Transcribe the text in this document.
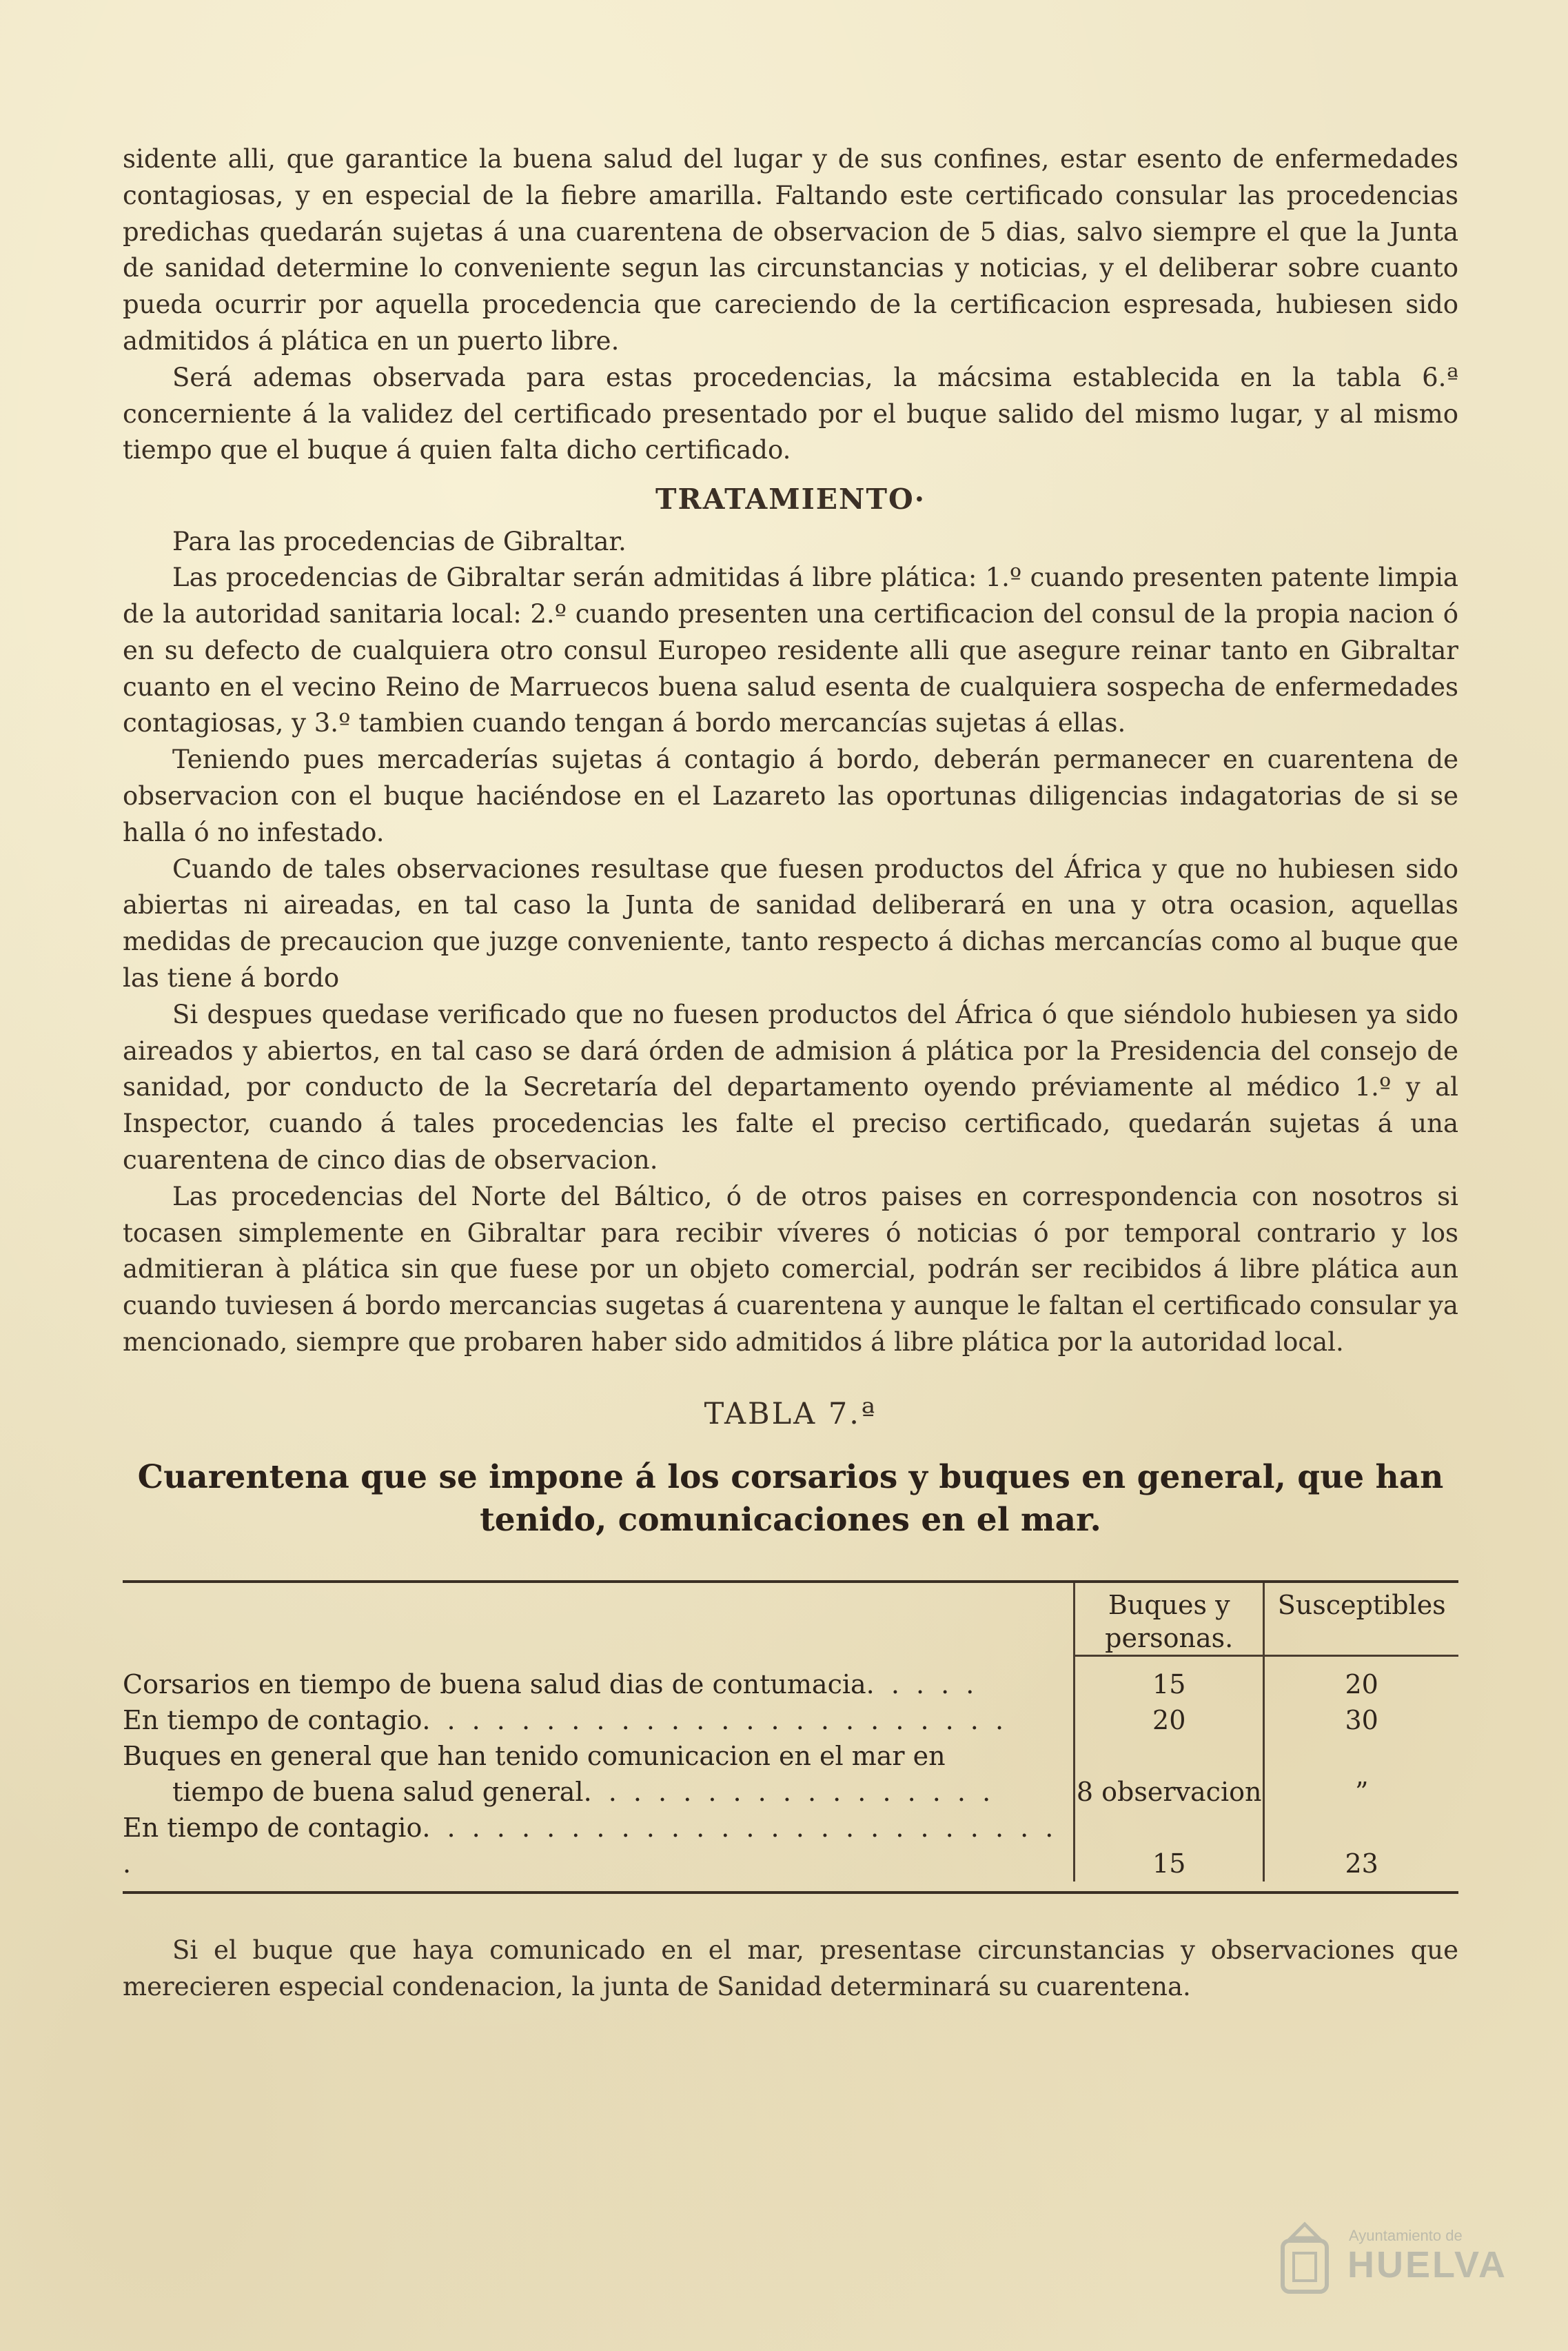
sidente alli, que garantice la buena salud del lugar y de sus confines, estar esento de enfermedades contagiosas, y en especial de la fiebre amarilla. Faltando este certificado consular las procedencias predichas quedarán sujetas á una cuarentena de observacion de 5 dias, salvo siempre el que la Junta de sanidad determine lo conveniente segun las circunstancias y noticias, y el deliberar sobre cuanto pueda ocurrir por aquella procedencia que careciendo de la certificacion espresada, hubiesen sido admitidos á plática en un puerto libre.

Será ademas observada para estas procedencias, la mácsima establecida en la tabla 6.ª concerniente á la validez del certificado presentado por el buque salido del mismo lugar, y al mismo tiempo que el buque á quien falta dicho certificado.

TRATAMIENTO·

Para las procedencias de Gibraltar.

Las procedencias de Gibraltar serán admitidas á libre plática: 1.º cuando presenten patente limpia de la autoridad sanitaria local: 2.º cuando presenten una certificacion del consul de la propia nacion ó en su defecto de cualquiera otro consul Europeo residente alli que asegure reinar tanto en Gibraltar cuanto en el vecino Reino de Marruecos buena salud esenta de cualquiera sospecha de enfermedades contagiosas, y 3.º tambien cuando tengan á bordo mercancías sujetas á ellas.

Teniendo pues mercaderías sujetas á contagio á bordo, deberán permanecer en cuarentena de observacion con el buque haciéndose en el Lazareto las oportunas diligencias indagatorias de si se halla ó no infestado.

Cuando de tales observaciones resultase que fuesen productos del África y que no hubiesen sido abiertas ni aireadas, en tal caso la Junta de sanidad deliberará en una y otra ocasion, aquellas medidas de precaucion que juzge conveniente, tanto respecto á dichas mercancías como al buque que las tiene á bordo

Si despues quedase verificado que no fuesen productos del África ó que siéndolo hubiesen ya sido aireados y abiertos, en tal caso se dará órden de admision á plática por la Presidencia del consejo de sanidad, por conducto de la Secretaría del departamento oyendo préviamente al médico 1.º y al Inspector, cuando á tales procedencias les falte el preciso certificado, quedarán sujetas á una cuarentena de cinco dias de observacion.

Las procedencias del Norte del Báltico, ó de otros paises en correspondencia con nosotros si tocasen simplemente en Gibraltar para recibir víveres ó noticias ó por temporal contrario y los admitieran à plática sin que fuese por un objeto comercial, podrán ser recibidos á libre plática aun cuando tuviesen á bordo mercancias sugetas á cuarentena y aunque le faltan el certificado consular ya mencionado, siempre que probaren haber sido admitidos á libre plática por la autoridad local.

TABLA 7.ª
Cuarentena que se impone á los corsarios y buques en general, que han tenido, comunicaciones en el mar.

	Buques y personas.	Susceptibles

Corsarios en tiempo de buena salud dias de contumacia. . . . .	15	20
En tiempo de contagio. . . . . . . . . . . . . . . . . . . . . . . .	20	30
Buques en general que han tenido comunicacion en el mar en		
tiempo de buena salud general. . . . . . . . . . . . . . . . .	8 observacion	”
En tiempo de contagio. . . . . . . . . . . . . . . . . . . . . . . . . . .	15	23

Si el buque que haya comunicado en el mar, presentase circunstancias y observaciones que merecieren especial condenacion, la junta de Sanidad determinará su cuarentena.

Ayuntamiento de
HUELVA
